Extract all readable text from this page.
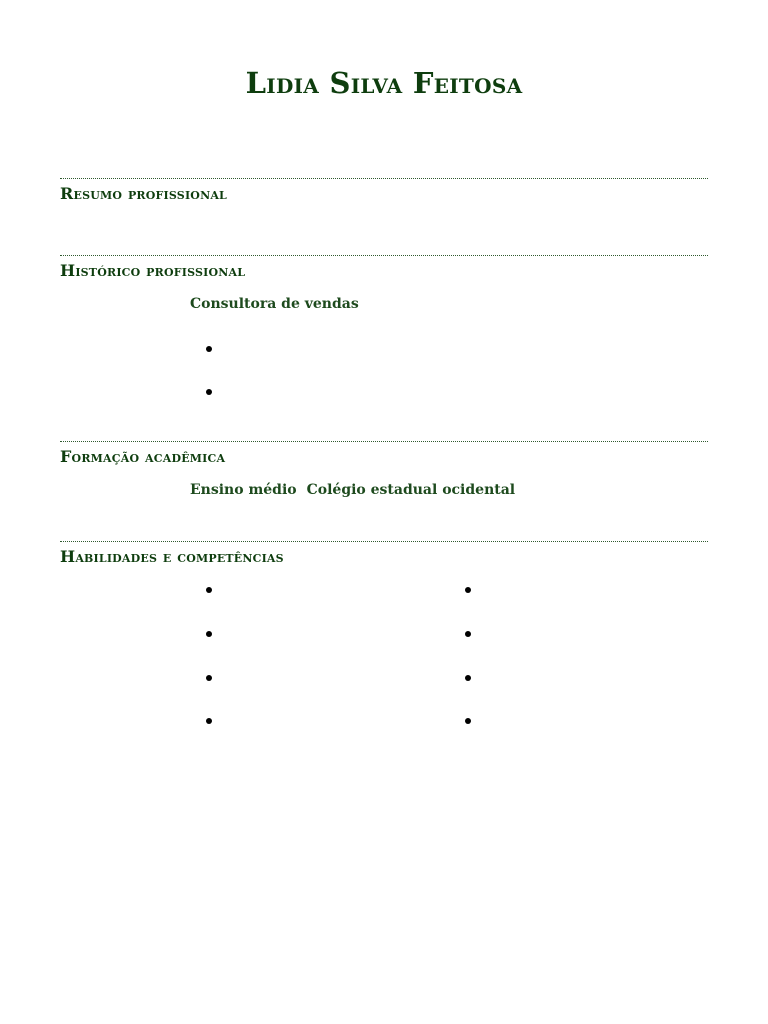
Lidia Silva Feitosa
Resumo profissional
Histórico profissional
Consultora de vendas
Formação acadêmica
Ensino médio Colégio estadual ocidental
Habilidades e competências
